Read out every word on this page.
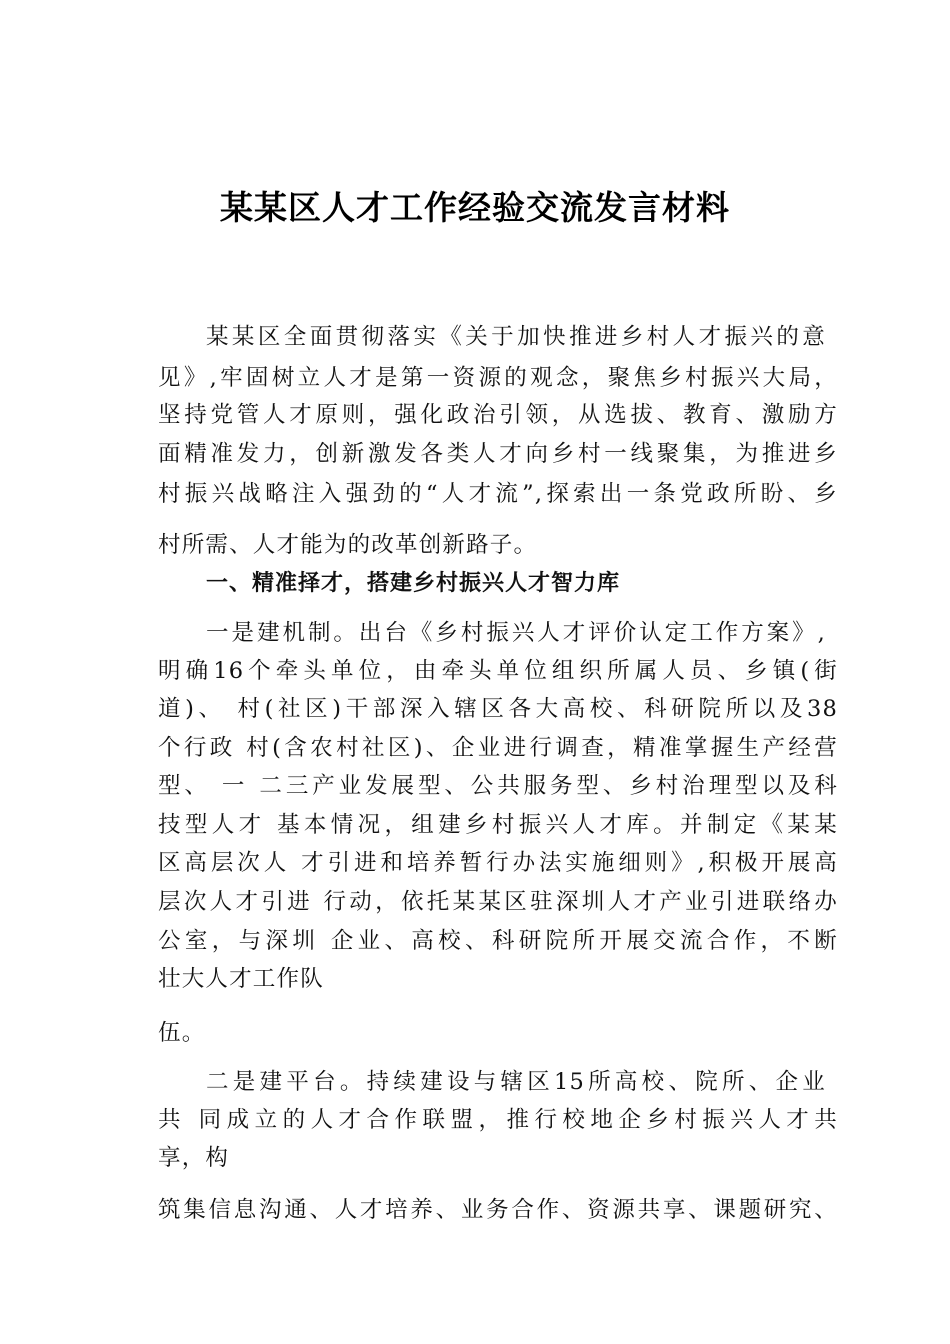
某某区人才工作经验交流发言材料

某某区全面贯彻落实《关于加快推进乡村人才振兴的意

见》,牢固树立人才是第一资源的观念，聚焦乡村振兴大局，

坚持党管人才原则，强化政治引领，从选拔、教育、激励方

面精准发力，创新激发各类人才向乡村一线聚集，为推进乡

村振兴战略注入强劲的“人才流”,探索出一条党政所盼、乡

村所需、人才能为的改革创新路子。

一、精准择才，搭建乡村振兴人才智力库

一是建机制。出台《乡村振兴人才评价认定工作方案》,

明确16个牵头单位，由牵头单位组织所属人员、乡镇(街

道)、 村(社区)干部深入辖区各大高校、科研院所以及38

个行政 村(含农村社区)、企业进行调查，精准掌握生产经营

型、 一 二三产业发展型、公共服务型、乡村治理型以及科

技型人才 基本情况，组建乡村振兴人才库。并制定《某某

区高层次人 才引进和培养暂行办法实施细则》,积极开展高

层次人才引进 行动，依托某某区驻深圳人才产业引进联络办

公室，与深圳 企业、高校、科研院所开展交流合作，不断

壮大人才工作队

伍。

二是建平台。持续建设与辖区15所高校、院所、企业

共 同成立的人才合作联盟，推行校地企乡村振兴人才共

享，构

筑集信息沟通、人才培养、业务合作、资源共享、课题研究、
